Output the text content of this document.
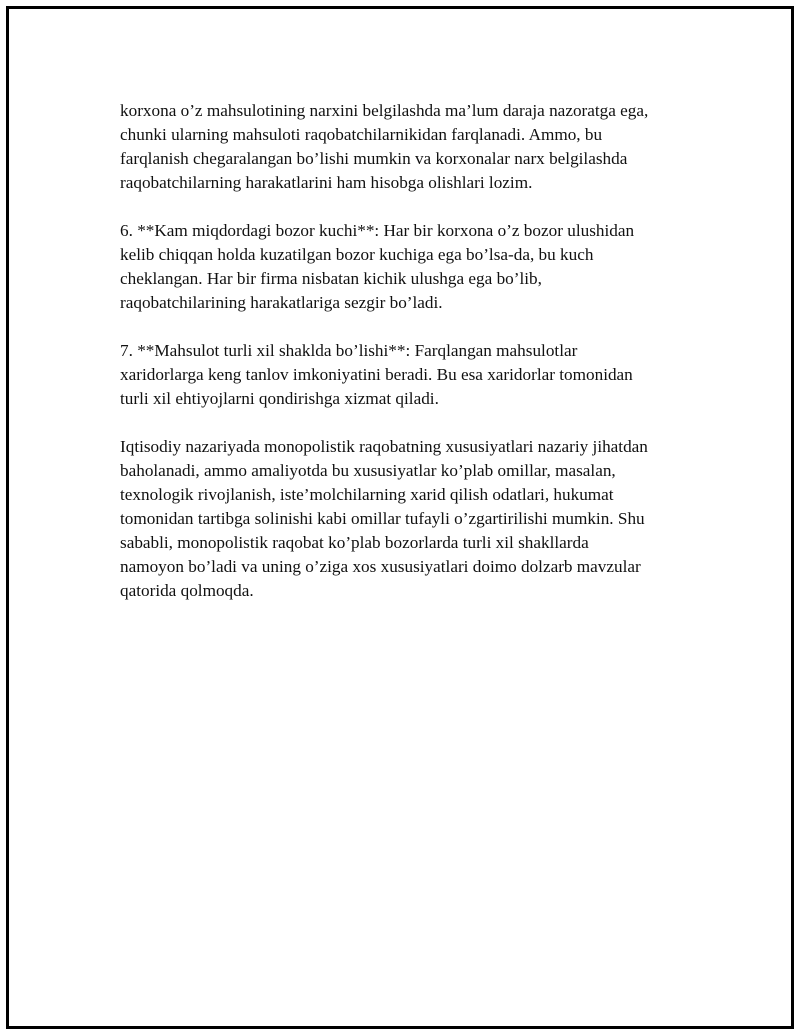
korxona o’z mahsulotining narxini belgilashda ma’lum daraja nazoratga ega,
chunki ularning mahsuloti raqobatchilarnikidan farqlanadi. Ammo, bu
farqlanish chegaralangan bo’lishi mumkin va korxonalar narx belgilashda
raqobatchilarning harakatlarini ham hisobga olishlari lozim.

6. **Kam miqdordagi bozor kuchi**: Har bir korxona o’z bozor ulushidan
kelib chiqqan holda kuzatilgan bozor kuchiga ega bo’lsa-da, bu kuch
cheklangan. Har bir firma nisbatan kichik ulushga ega bo’lib,
raqobatchilarining harakatlariga sezgir bo’ladi.

7. **Mahsulot turli xil shaklda bo’lishi**: Farqlangan mahsulotlar
xaridorlarga keng tanlov imkoniyatini beradi. Bu esa xaridorlar tomonidan
turli xil ehtiyojlarni qondirishga xizmat qiladi.

Iqtisodiy nazariyada monopolistik raqobatning xususiyatlari nazariy jihatdan
baholanadi, ammo amaliyotda bu xususiyatlar ko’plab omillar, masalan,
texnologik rivojlanish, iste’molchilarning xarid qilish odatlari, hukumat
tomonidan tartibga solinishi kabi omillar tufayli o’zgartirilishi mumkin. Shu
sababli, monopolistik raqobat ko’plab bozorlarda turli xil shakllarda
namoyon bo’ladi va uning o’ziga xos xususiyatlari doimo dolzarb mavzular
qatorida qolmoqda.
